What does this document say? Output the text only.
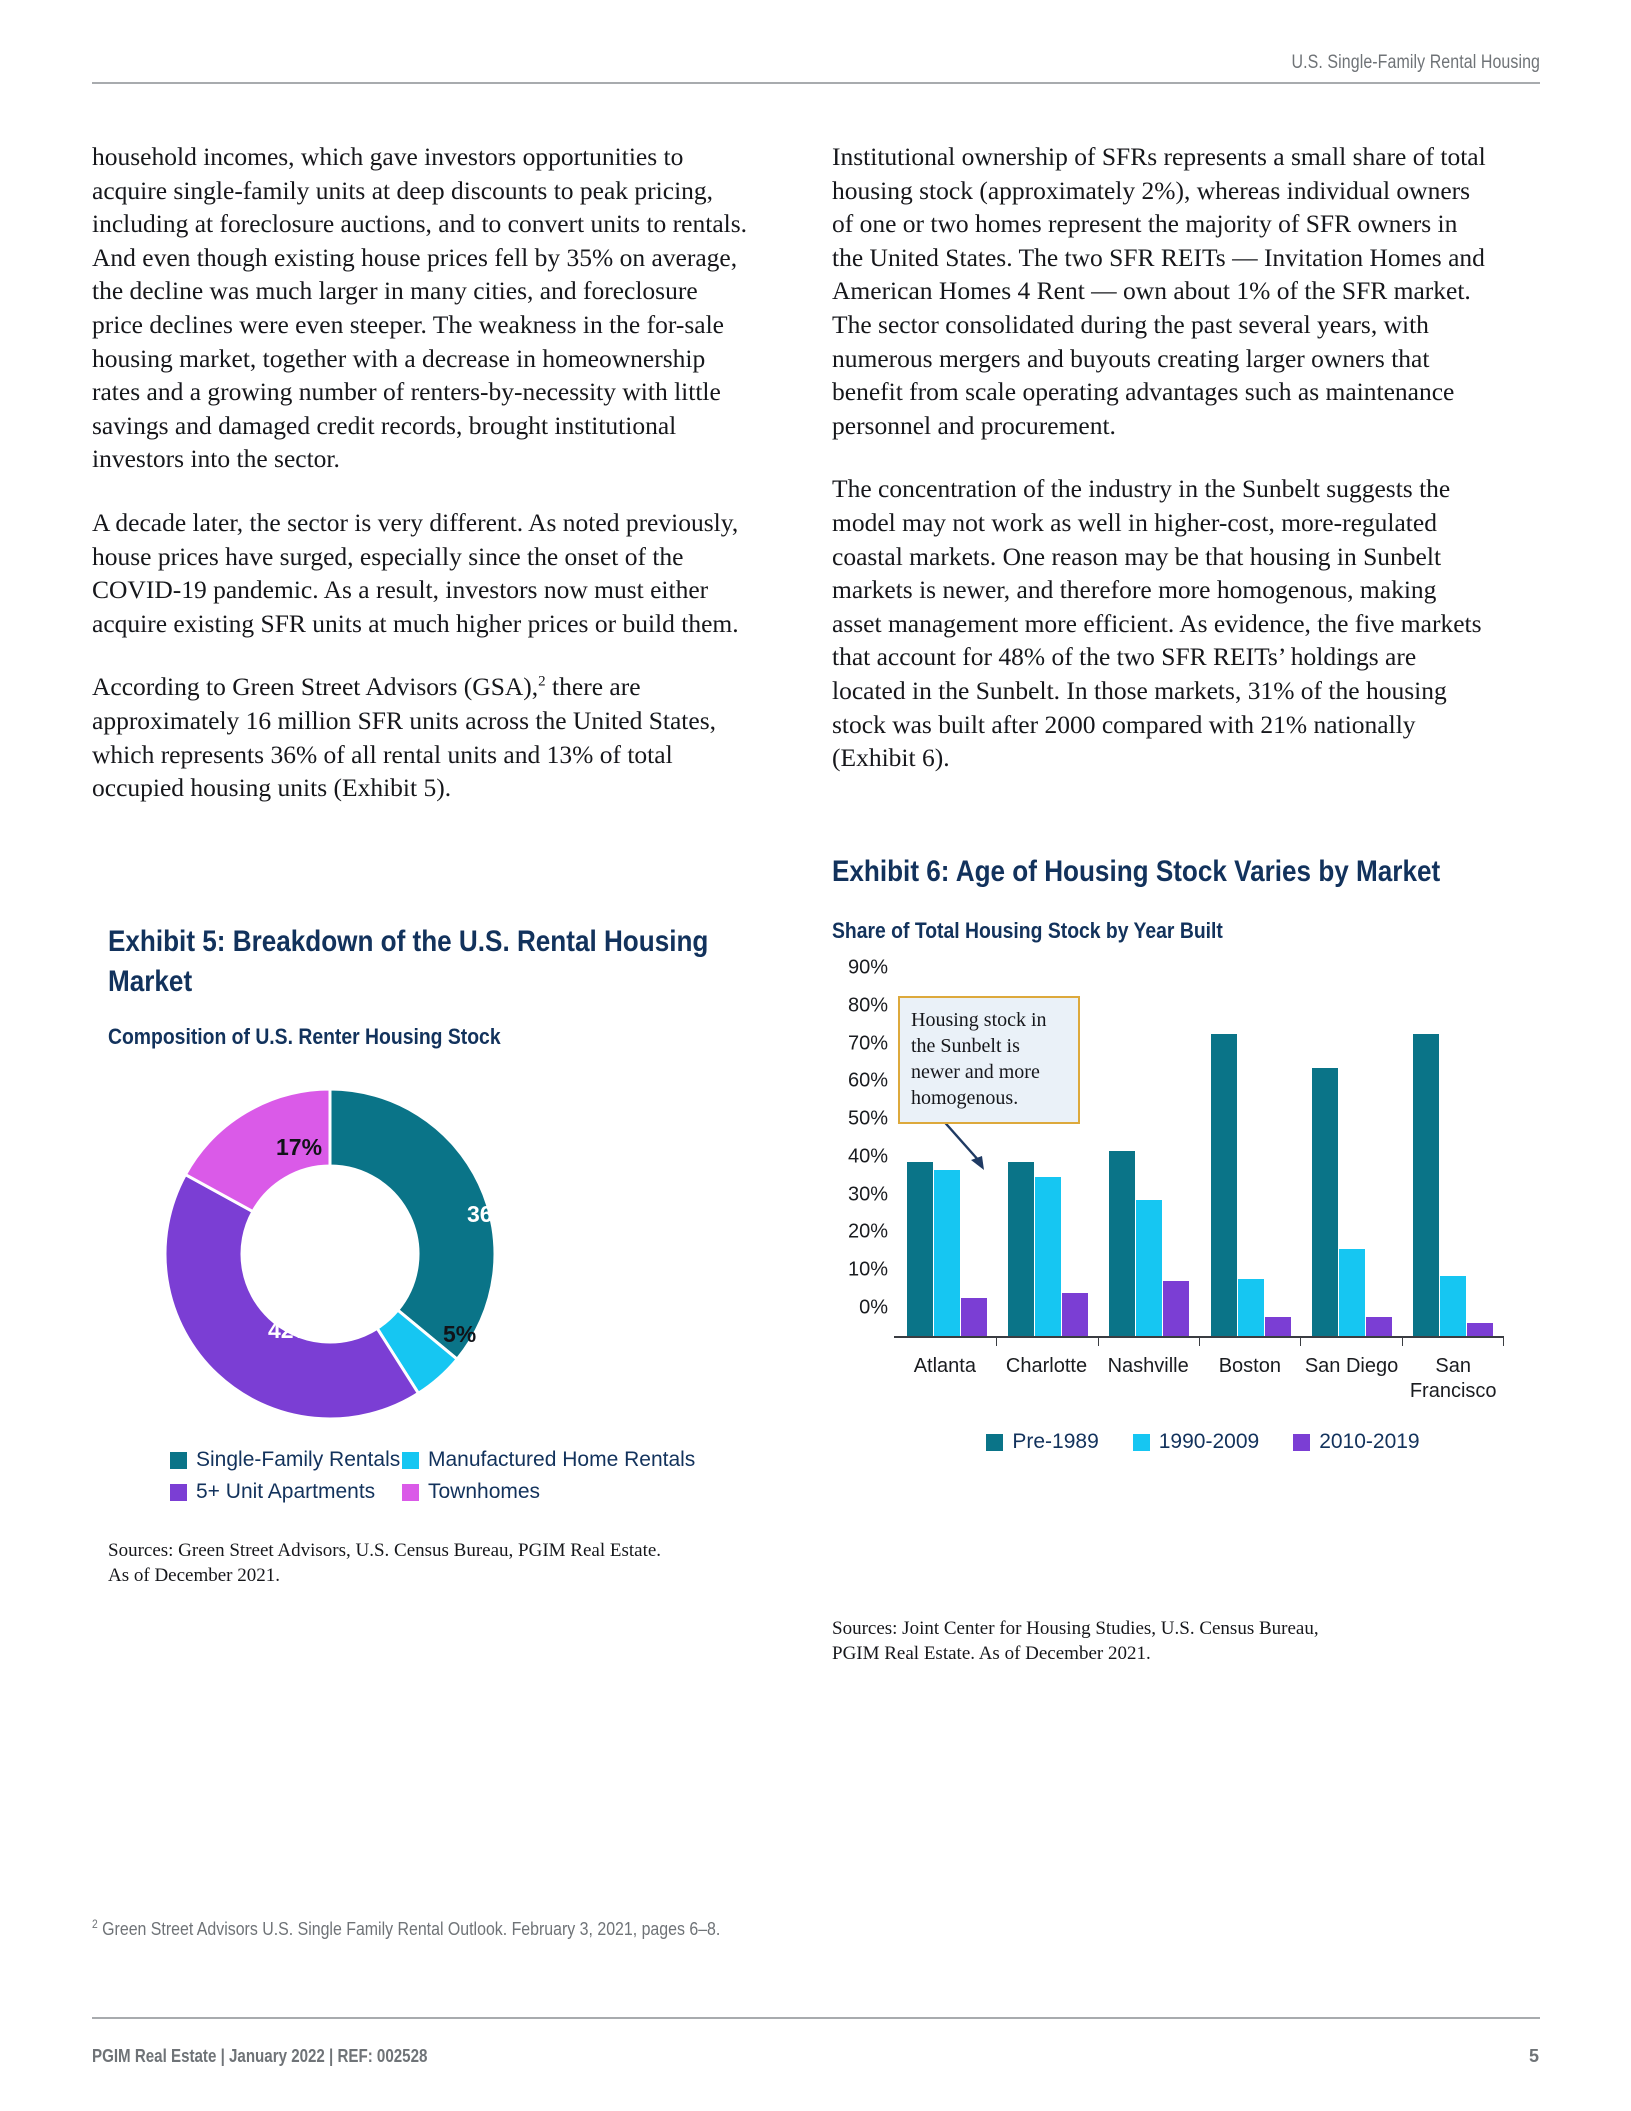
U.S. Single-Family Rental Housing

household incomes, which gave investors opportunities to acquire single-family units at deep discounts to peak pricing, including at foreclosure auctions, and to convert units to rentals. And even though existing house prices fell by 35% on average, the decline was much larger in many cities, and foreclosure price declines were even steeper. The weakness in the for-sale housing market, together with a decrease in homeownership rates and a growing number of renters-by-necessity with little savings and damaged credit records, brought institutional investors into the sector.

A decade later, the sector is very different. As noted previously, house prices have surged, especially since the onset of the COVID-19 pandemic. As a result, investors now must either acquire existing SFR units at much higher prices or build them.

According to Green Street Advisors (GSA),$^2$ there are approximately 16 million SFR units across the United States, which represents 36% of all rental units and 13% of total occupied housing units (Exhibit 5).

Institutional ownership of SFRs represents a small share of total housing stock (approximately 2%), whereas individual owners of one or two homes represent the majority of SFR owners in the United States. The two SFR REITs — Invitation Homes and American Homes 4 Rent — own about 1% of the SFR market. The sector consolidated during the past several years, with numerous mergers and buyouts creating larger owners that benefit from scale operating advantages such as maintenance personnel and procurement.

The concentration of the industry in the Sunbelt suggests the model may not work as well in higher-cost, more-regulated coastal markets. One reason may be that housing in Sunbelt markets is newer, and therefore more homogenous, making asset management more efficient. As evidence, the five markets that account for 48% of the two SFR REITs’ holdings are located in the Sunbelt. In those markets, 31% of the housing stock was built after 2000 compared with 21% nationally (Exhibit 6).

Exhibit 5: Breakdown of the U.S. Rental Housing Market
Composition of U.S. Renter Housing Stock
36%
5%
42%
17%
Single-Family Rentals Manufactured Home Rentals
5+ Unit Apartments	Townhomes
Sources: Green Street Advisors, U.S. Census Bureau, PGIM Real Estate.
As of December 2021.
Exhibit 6: Age of Housing Stock Varies by Market
Share of Total Housing Stock by Year Built
0%
10%
20%
30%
40%
50%
60%
70%
80%
90%
Atlanta	Charlotte	Nashville	Boston	San Diego	San
Francisco
Housing stock in the Sunbelt is newer and more homogenous.
Pre-1989	1990-2009	2010-2019
Sources: Joint Center for Housing Studies, U.S. Census Bureau,
PGIM Real Estate. As of December 2021.
$^2$ Green Street Advisors U.S. Single Family Rental Outlook. February 3, 2021, pages 6–8.
PGIM Real Estate | January 2022 | REF: 002528	5
